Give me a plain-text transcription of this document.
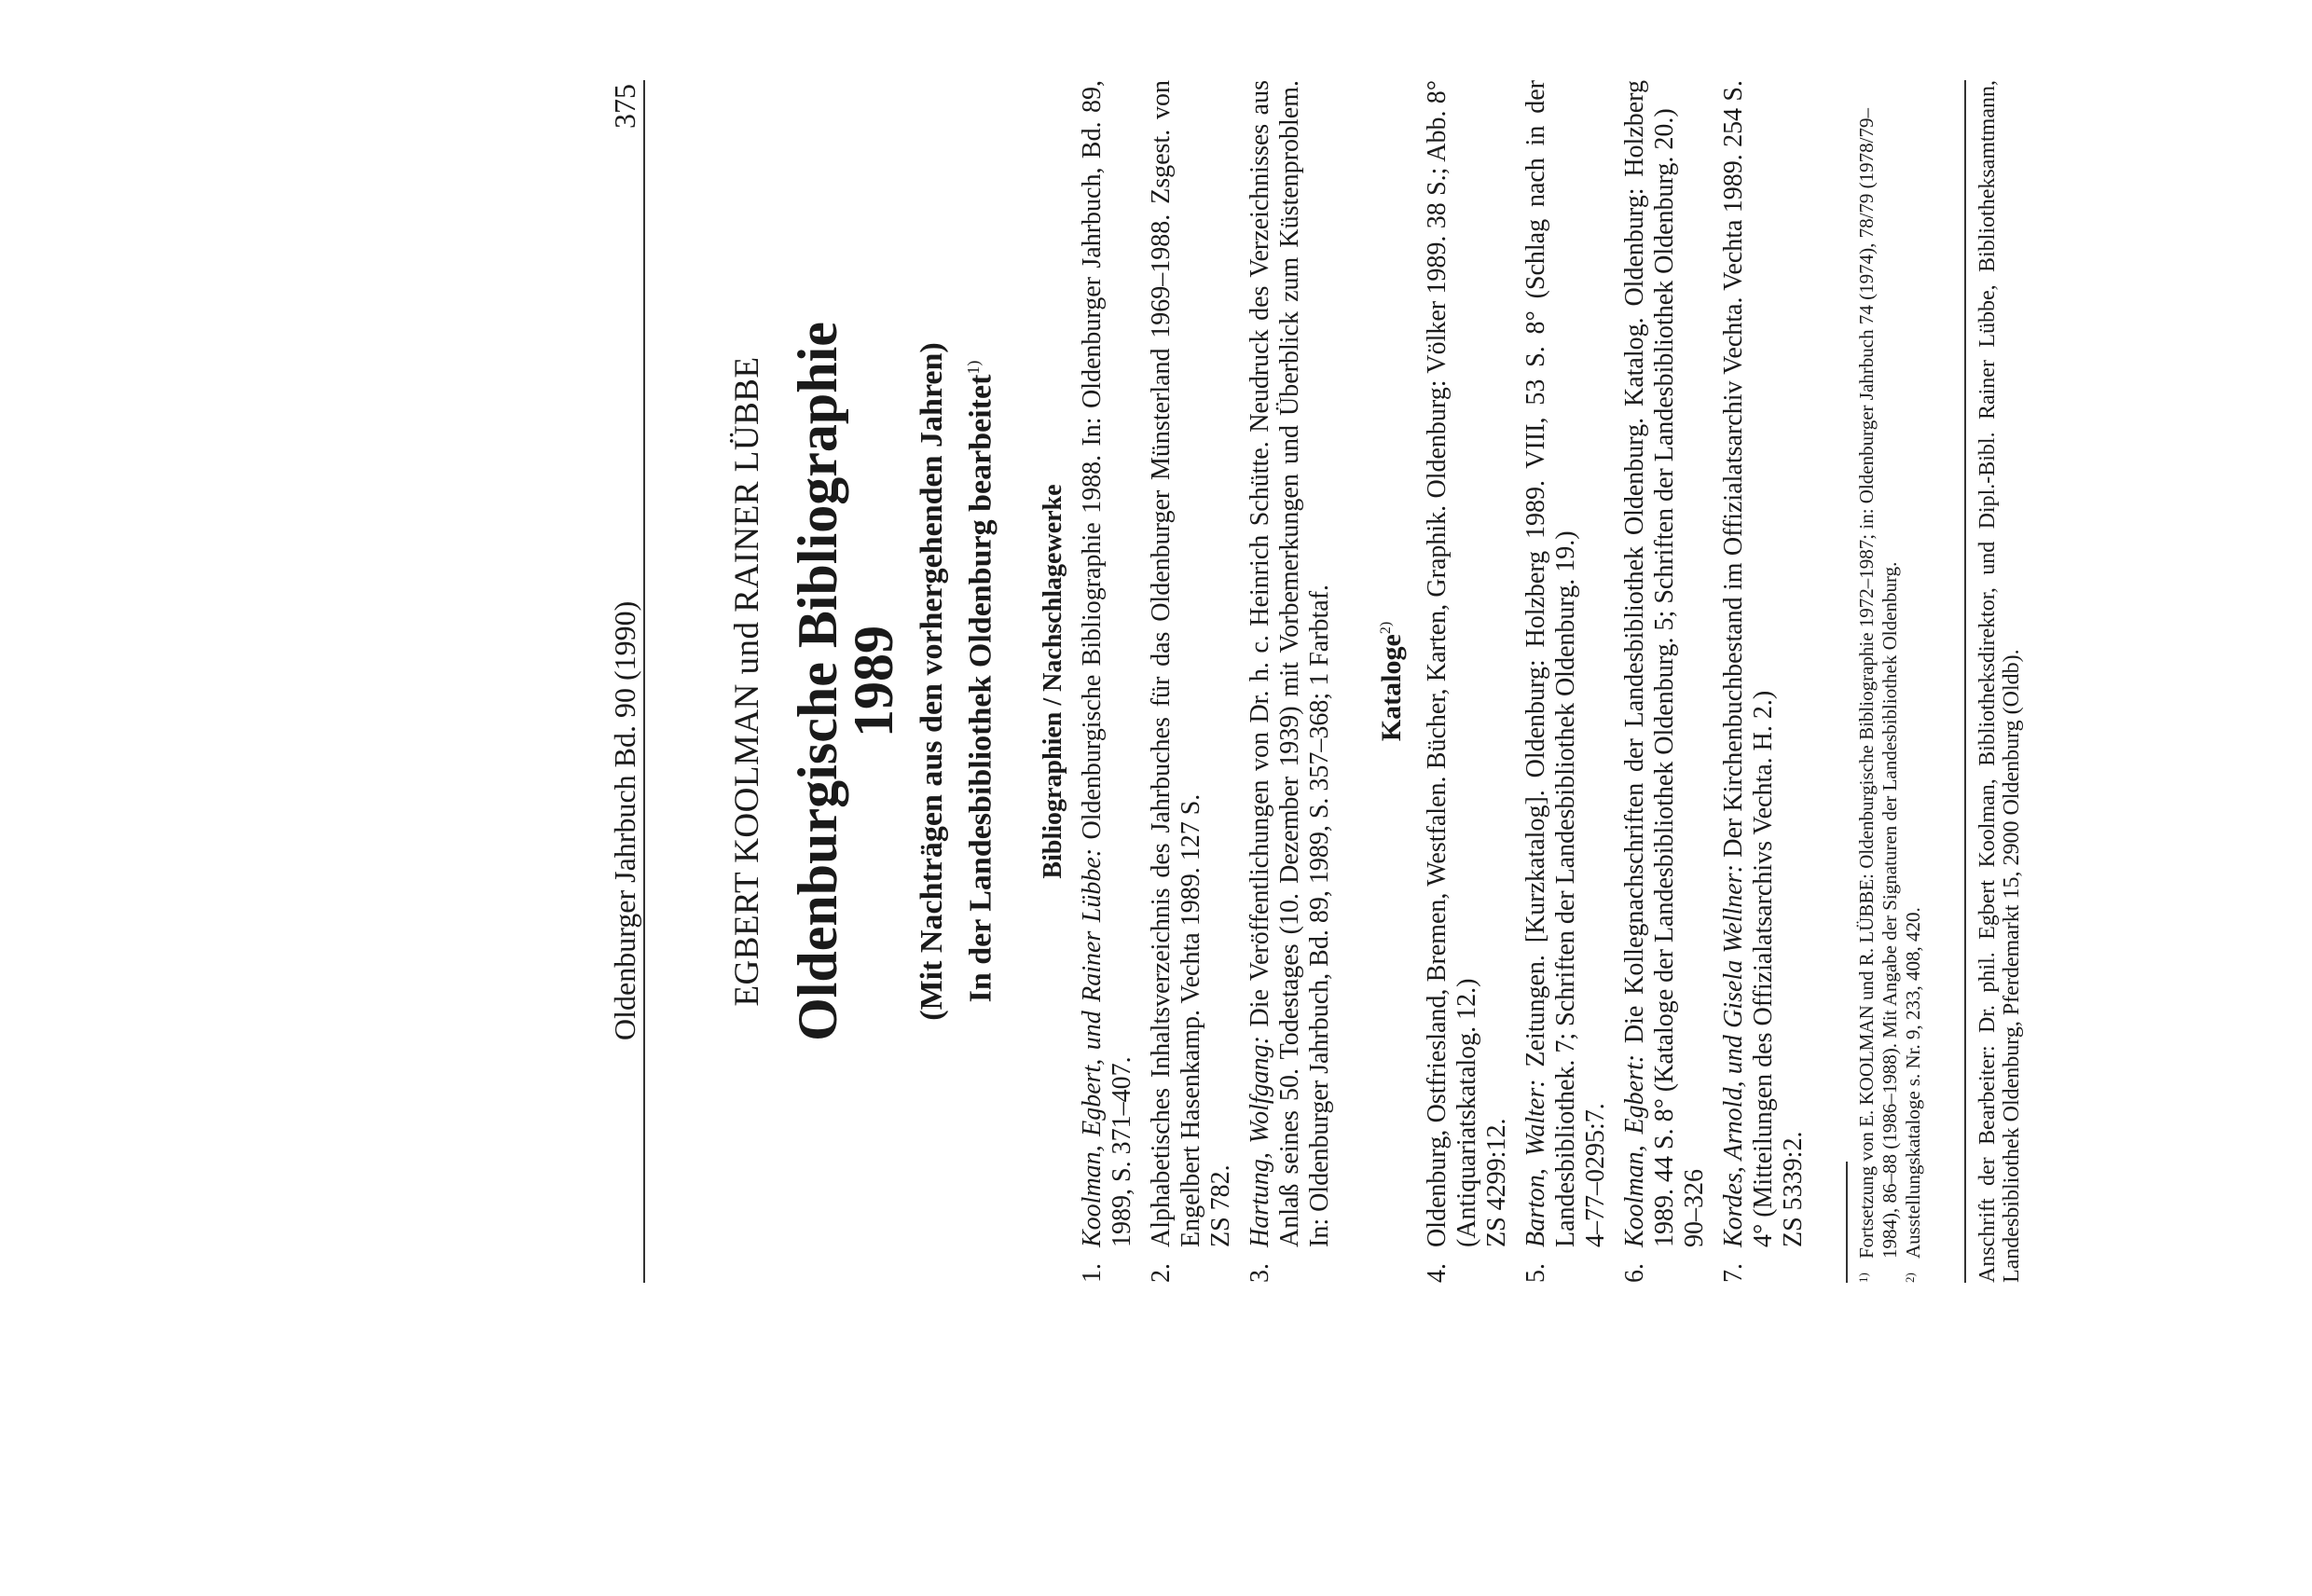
Oldenburger Jahrbuch Bd. 90 (1990)
375
EGBERT KOOLMAN und RAINER LÜBBE Oldenburgische Bibliographie
1989 (Mit Nachträgen aus den vorhergehenden Jahren) In der Landesbibliothek Oldenburg bearbeitet$^{1)}$
Bibliographien / Nachschlagewerke
1.
Koolman, Egbert, und Rainer Lübbe: Oldenburgische Bibliographie 1988. In: Oldenburger Jahrbuch, Bd. 89, 1989, S. 371–407.
2.
Alphabetisches Inhaltsverzeichnis des Jahrbuches für das Oldenburger Münsterland 1969–1988. Zsgest. von Engelbert Hasenkamp. Vechta 1989. 127 S. ZS 782.
3.
Hartung, Wolfgang: Die Veröffentlichungen von Dr. h. c. Heinrich Schütte. Neudruck des Verzeichnisses aus Anlaß seines 50. Todestages (10. Dezember 1939) mit Vorbemerkungen und Überblick zum Küstenproblem. In: Oldenburger Jahrbuch, Bd. 89, 1989, S. 357–368; 1 Farbtaf. Kataloge$^{2)}$
4.
Oldenburg, Ostfriesland, Bremen, Westfalen. Bücher, Karten, Graphik. Oldenburg: Völker 1989. 38 S.; Abb. 8° (Antiquariatskatalog. 12.) ZS 4299:12.
5.
Barton, Walter: Zeitungen. [Kurzkatalog]. Oldenburg: Holzberg 1989. VIII, 53 S. 8° (Schlag nach in der Landesbibliothek. 7; Schriften der Landesbibliothek Oldenburg. 19.) 4–77–0295:7.
6.
Koolman, Egbert: Die Kollegnachschriften der Landesbibliothek Oldenburg. Katalog. Oldenburg: Holzberg 1989. 44 S. 8° (Kataloge der Landesbibliothek Oldenburg. 5; Schriften der Landesbibliothek Oldenburg. 20.) 90–326
7.
Kordes, Arnold, und Gisela Wellner: Der Kirchenbuchbestand im Offizialatsarchiv Vechta. Vechta 1989. 254 S. 4° (Mitteilungen des Offizialatsarchivs Vechta. H. 2.) ZS 5339:2.
1)
Fortsetzung von E. KOOLMAN und R. LÜBBE: Oldenburgische Bibliographie 1972–1987; in: Oldenburger Jahrbuch 74 (1974), 78/79 (1978/79–1984), 86–88 (1986–1988). Mit Angabe der Signaturen der Landesbibliothek Oldenburg.
2)
Ausstellungskataloge s. Nr. 9, 233, 408, 420.	Anschrift der Bearbeiter: Dr. phil. Egbert Koolman, Bibliotheksdirektor, und Dipl.-Bibl. Rainer Lübbe, Bibliotheksamtmann, Landesbibliothek Oldenburg, Pferdemarkt 15, 2900 Oldenburg (Oldb).
